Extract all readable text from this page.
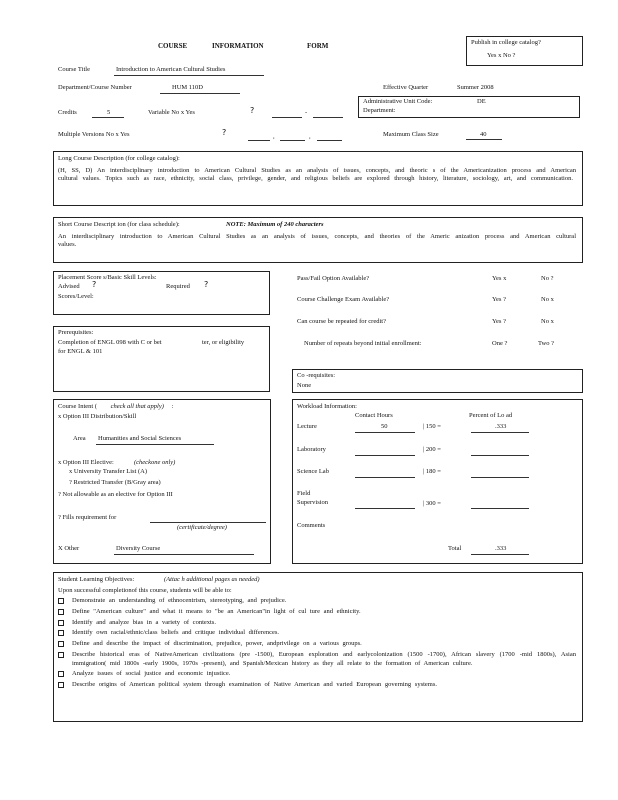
COURSE	INFORMATION	FORM	Publish in college catalog?
Yes x No ?
Course Title	Introduction to American Cultural Studies
Department/Course Number	HUM 110D	Effective Quarter	Summer 2008
Credits	5	Variable No x Yes	?	-
Administrative Unit Code:	DE
Department:
Multiple Versions No x Yes	?	,	,	Maximum Class Size	40
Long Course Description (for college catalog):
(H, SS, D) An interdisciplinary introduction to American Cultural Studies as an analysis of issues, concepts, and theoric s of the Americanization process and American cultural values. Topics such as race, ethnicity, social class, privilege, gender, and religious beliefs are explored through history, literature, sociology, art, and communication.
Short Course Descript ion (for class schedule):	NOTE: Maximum of 240 characters
An interdisciplinary introduction to American Cultural Studies as an analysis of issues, concepts, and theories of the Americ anization process and American cultural values.
Placement Score s/Basic Skill Levels:
Advised ?	Required ?
Scores/Level:
Pass/Fail Option Available?	Yes x	No ?
Course Challenge Exam Available?	Yes ?	No x
Can course be repeated for credit?	Yes ?	No x
Number of repeats beyond initial enrollment:	One ?	Two ?
Prerequisites:
Completion of ENGL 098 with C or bet	ter, or eligibility
for ENGL & 101
Co -requisites:
None
Course Intent ( check all that apply) :
x Option III Distribution/Skill
Area Humanities and Social Sciences
x Option III Elective:	(checkone only)
x University Transfer List (A)
? Restricted Transfer (B/Gray area)
? Not allowable as an elective for Option III
? Fills requirement for
(certificate/degree)
X Other	Diversity Course
Workload Information:
Contact Hours	Percent of Lo ad
Lecture	50	| 150 =	.333
Laboratory	| 200 =
Science Lab	| 180 =
Field
Supervision	| 300 =
Comments
Total	.333
Student Learning Objectives:	(Attac h additional pages as needed)
Upon successful completionof this course, students will be able to:
Demonstrate an understanding of ethnocentrism, stereotyping, and prejudice.
Define "American culture" and what it means to "be an American"in light of cul ture and ethnicity.
Identify and analyze bias in a variety of contexts.
Identify own racial/ethnic/class beliefs and critique individual differences.
Define and describe the impact of discrimination, prejudice, power, andprivilege on a various groups.
Describe historical eras of NativeAmerican civilizations (pre -1500), European exploration and earlycolonization (1500 -1700), African slavery (1700 -mid 1800s), Asian immigration( mid 1800s -early 1900s, 1970s -present), and Spanish/Mexican history as they all relate to the formation of American culture.
Analyze issues of social justice and economic injustice.
Describe origins of American political system through examination of Native American and varied European governing systems.
